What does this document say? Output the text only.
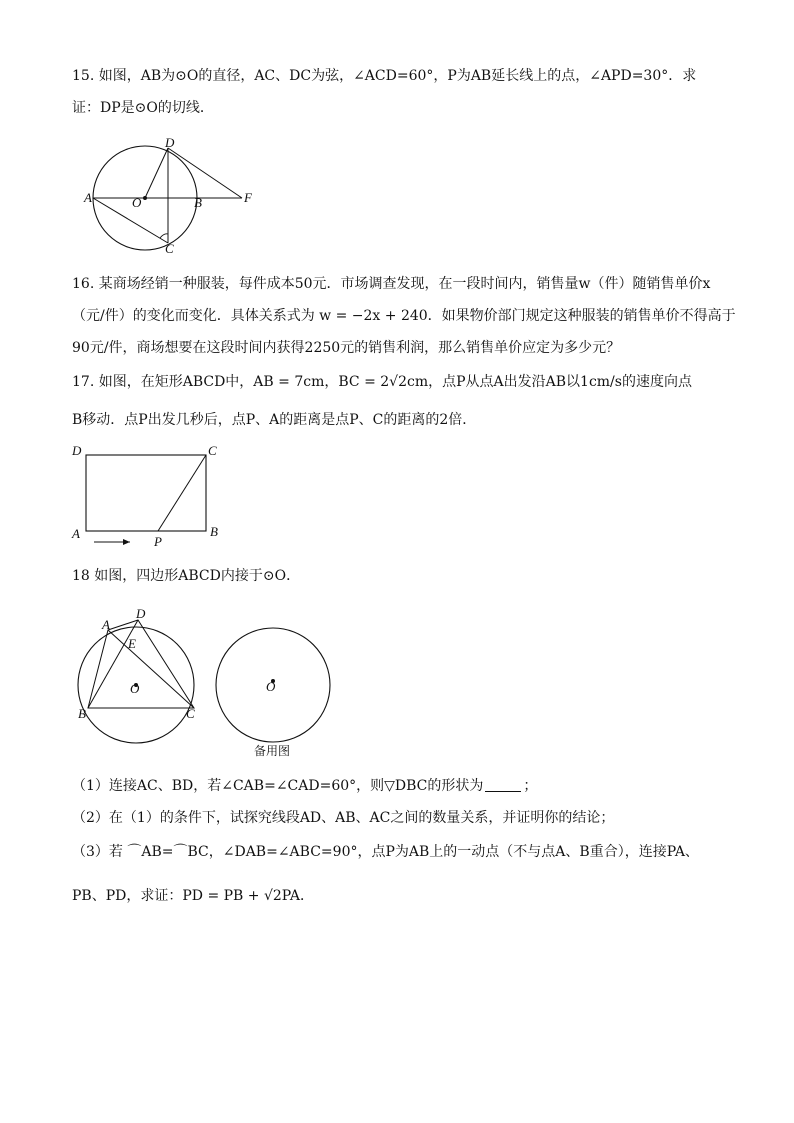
15. 如图，AB为⊙O的直径，AC、DC为弦，∠ACD=60°，P为AB延长线上的点，∠APD=30°．求
证：DP是⊙O的切线．
D
A	O	B	F
C
16. 某商场经销一种服装，每件成本50元．市场调查发现，在一段时间内，销售量w（件）随销售单价x
（元/件）的变化而变化．具体关系式为 w = −2x + 240．如果物价部门规定这种服装的销售单价不得高于
90元/件，商场想要在这段时间内获得2250元的销售利润，那么销售单价应定为多少元？
17. 如图，在矩形ABCD中，AB = 7cm，BC = 2√2cm，点P从点A出发沿AB以1cm/s的速度向点
B移动．点P出发几秒后，点P、A的距离是点P、C的距离的2倍．
D	C
A	B
P
18 如图，四边形ABCD内接于⊙O．
A
D
E
O
B	C
O
备用图
（1）连接AC、BD，若∠CAB=∠CAD=60°，则▽DBC的形状为	；
（2）在（1）的条件下，试探究线段AD、AB、AC之间的数量关系，并证明你的结论；
（3）若 ⌒AB=⌒BC，∠DAB=∠ABC=90°，点P为AB上的一动点（不与点A、B重合），连接PA、
PB、PD，求证：PD = PB + √2PA．
